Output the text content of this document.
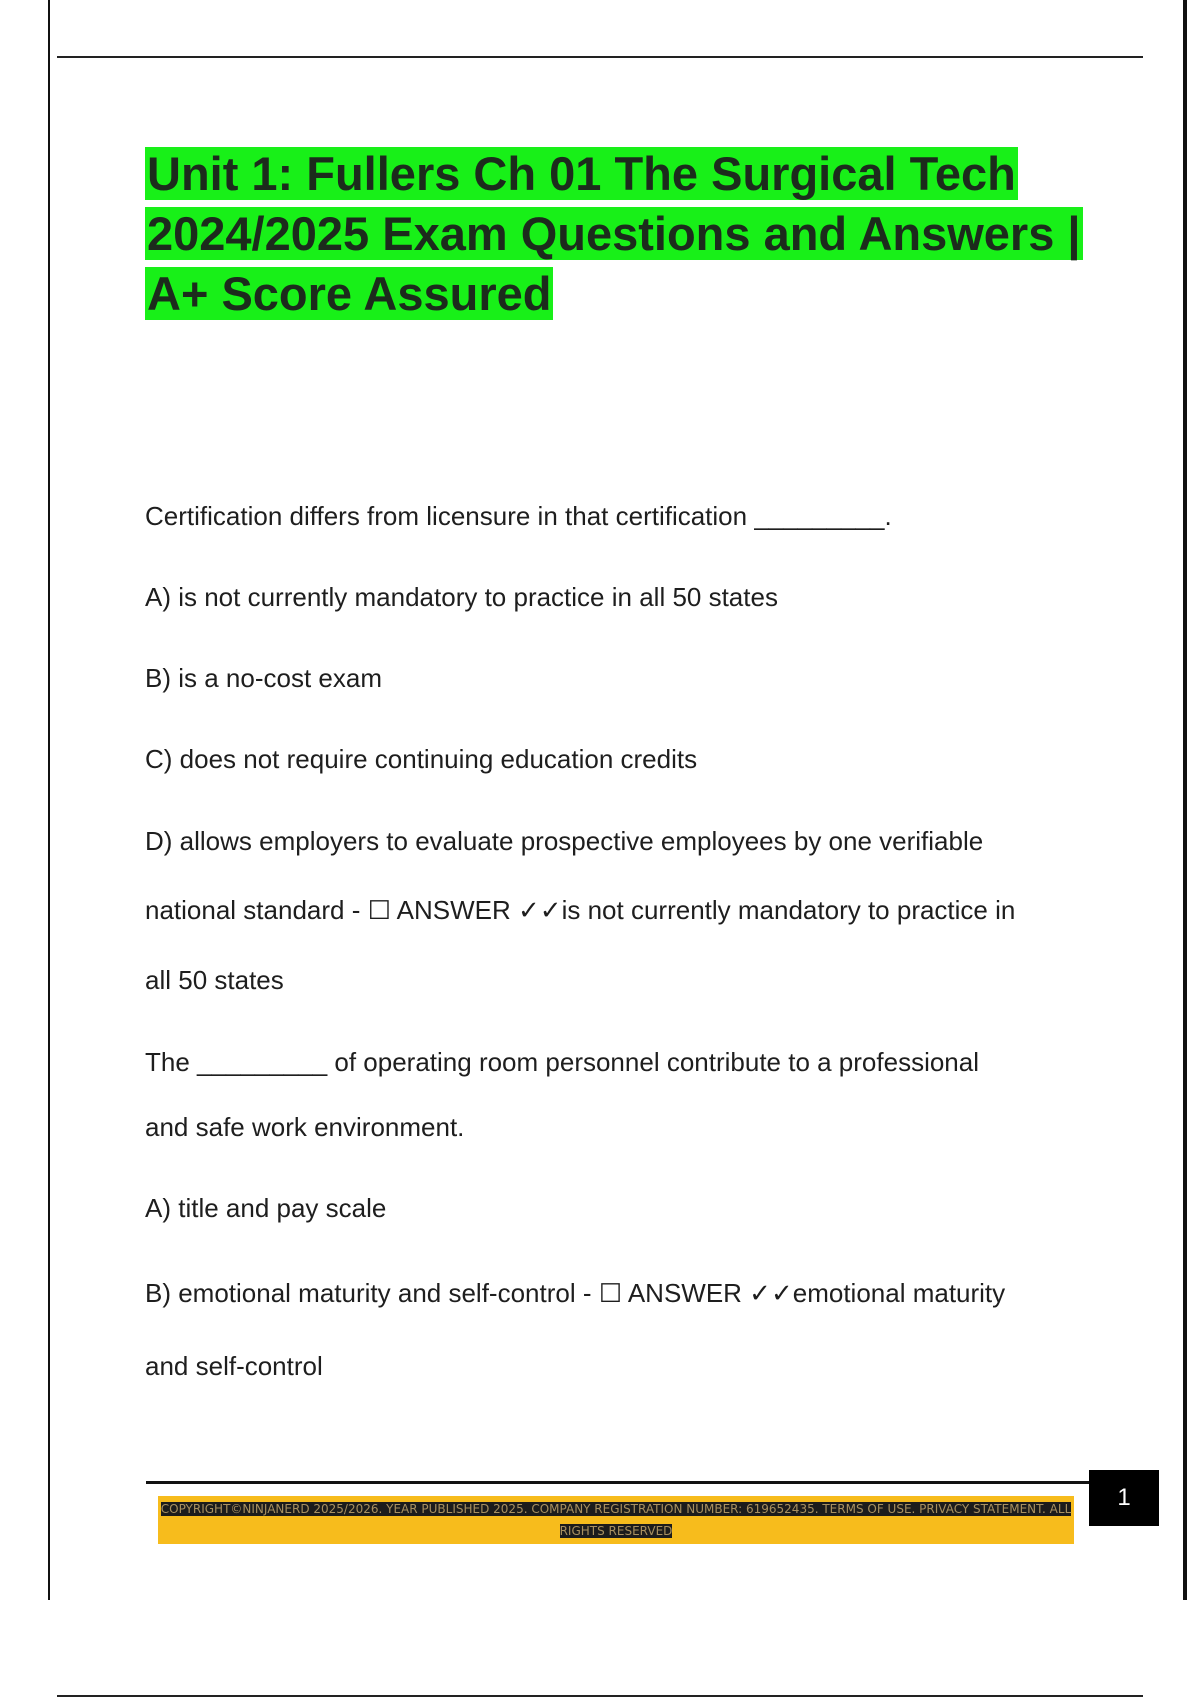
Unit 1: Fullers Ch 01 The Surgical Tech 2024/2025 Exam Questions and Answers | A+ Score Assured

Certification differs from licensure in that certification _________.

A) is not currently mandatory to practice in all 50 states

B) is a no-cost exam

C) does not require continuing education credits

D) allows employers to evaluate prospective employees by one verifiable

national standard - ☐ ANSWER ✓✓is not currently mandatory to practice in

all 50 states

The _________ of operating room personnel contribute to a professional

and safe work environment.

A) title and pay scale

B) emotional maturity and self-control - ☐ ANSWER ✓✓emotional maturity

and self-control

1
COPYRIGHT©NINJANERD 2025/2026. YEAR PUBLISHED 2025. COMPANY REGISTRATION NUMBER: 619652435. TERMS OF USE. PRIVACY STATEMENT. ALL RIGHTS RESERVED
